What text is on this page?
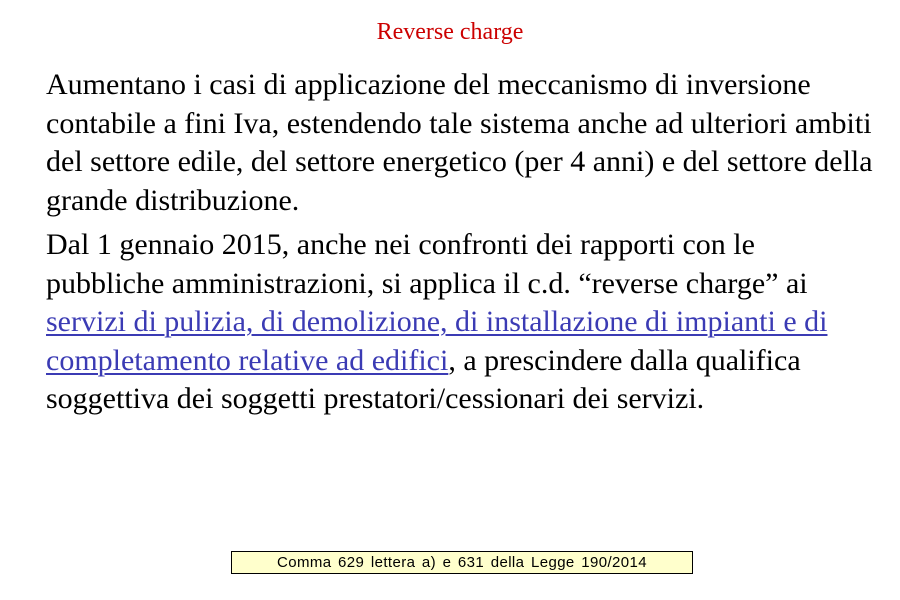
Reverse charge

Aumentano i casi di applicazione del meccanismo di inversione contabile a fini Iva, estendendo tale sistema anche ad ulteriori ambiti del settore edile, del settore energetico (per 4 anni) e del settore della grande distribuzione.

Dal 1 gennaio 2015, anche nei confronti dei rapporti con le pubbliche amministrazioni, si applica il c.d. “reverse charge” ai servizi di pulizia, di demolizione, di installazione di impianti e di completamento relative ad edifici, a prescindere dalla qualifica soggettiva dei soggetti prestatori/cessionari dei servizi.

Comma 629 lettera a) e 631 della Legge 190/2014
